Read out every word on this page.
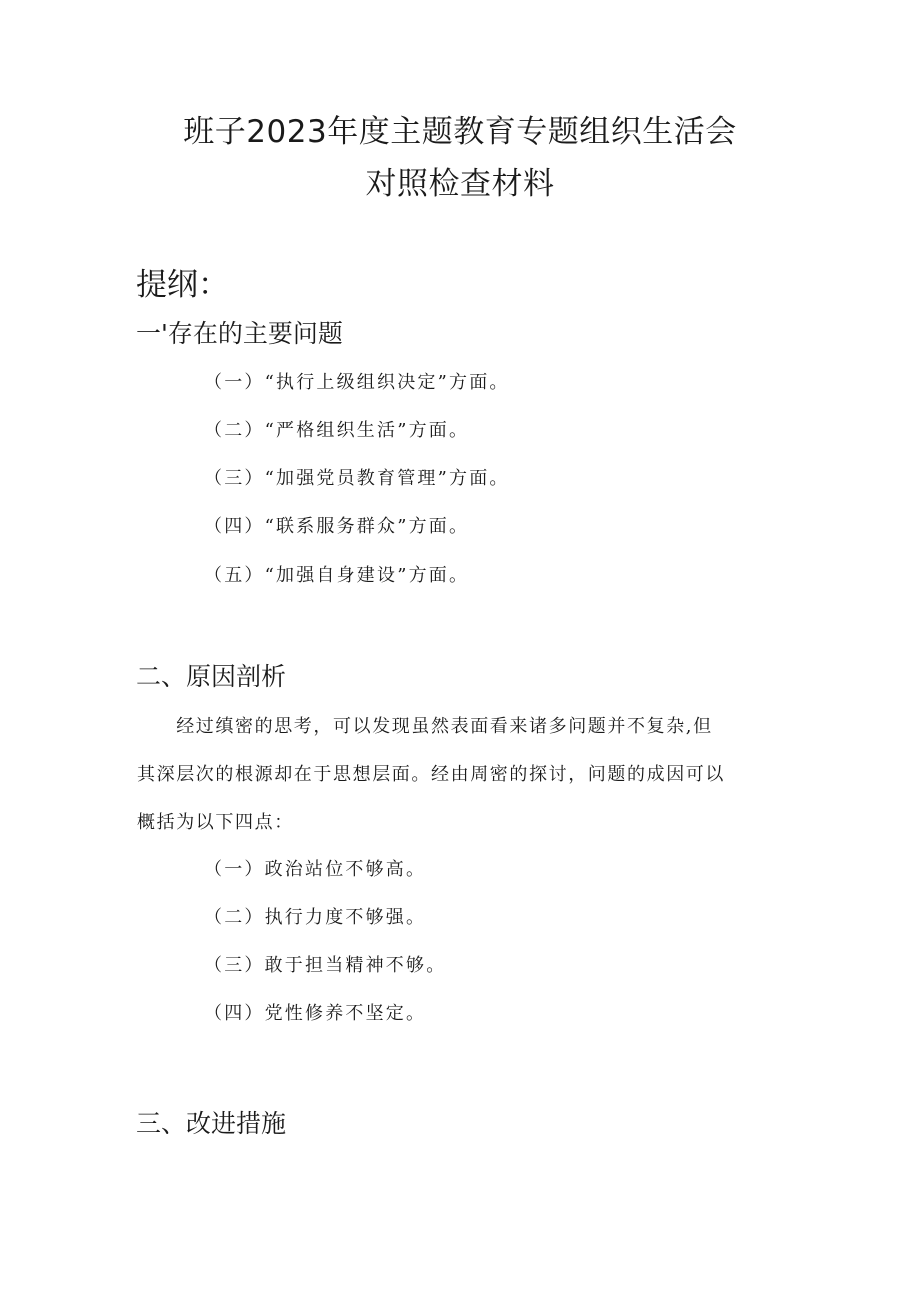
班子2023年度主题教育专题组织生活会
对照检查材料
提纲：
一'存在的主要问题
（一）“执行上级组织决定”方面。
（二）“严格组织生活”方面。
（三）“加强党员教育管理”方面。
（四）“联系服务群众”方面。
（五）“加强自身建设”方面。
二、原因剖析
　　经过缜密的思考，可以发现虽然表面看来诸多问题并不复杂,但
其深层次的根源却在于思想层面。经由周密的探讨，问题的成因可以
概括为以下四点：
（一）政治站位不够高。
（二）执行力度不够强。
（三）敢于担当精神不够。
（四）党性修养不坚定。
三、改进措施
